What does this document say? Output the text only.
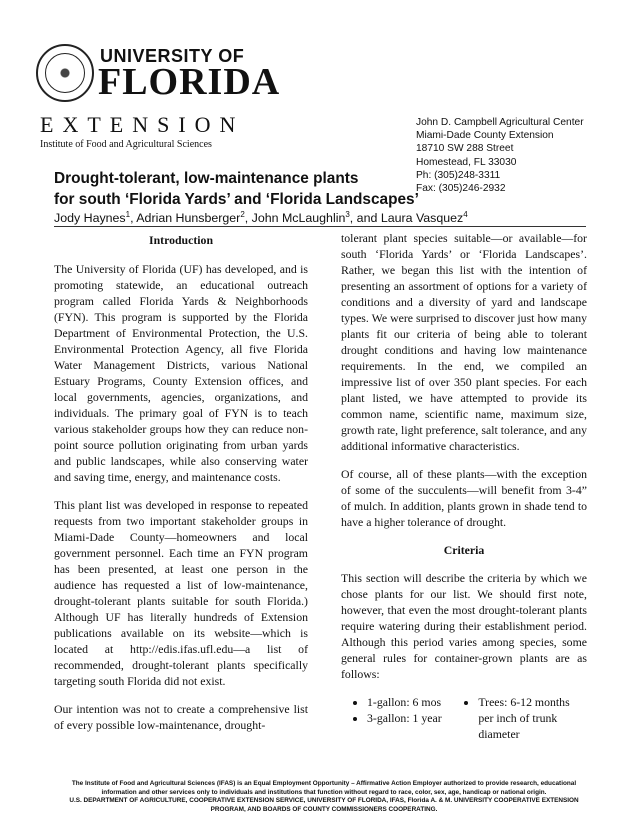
UNIVERSITY OF
FLORIDA
EXTENSION
Institute of Food and Agricultural Sciences
John D. Campbell Agricultural Center
Miami-Dade County Extension
18710 SW 288 Street
Homestead, FL 33030
Ph: (305)248-3311
Fax: (305)246-2932
Drought-tolerant, low-maintenance plants
for south ‘Florida Yards’ and ‘Florida Landscapes’
Jody Haynes$^1$, Adrian Hunsberger$^2$, John McLaughlin$^3$, and Laura Vasquez$^4$
Introduction

The University of Florida (UF) has developed, and is promoting statewide, an educational outreach program called Florida Yards & Neighborhoods (FYN). This program is supported by the Florida Department of Environmental Protection, the U.S. Environmental Protection Agency, all five Florida Water Management Districts, various National Estuary Programs, County Extension offices, and local governments, agencies, organizations, and individuals. The primary goal of FYN is to teach various stakeholder groups how they can reduce non-point source pollution originating from urban yards and public landscapes, while also conserving water and saving time, energy, and maintenance costs.

This plant list was developed in response to repeated requests from two important stakeholder groups in Miami-Dade County—homeowners and local government personnel. Each time an FYN program has been presented, at least one person in the audience has requested a list of low-maintenance, drought-tolerant plants suitable for south Florida.) Although UF has literally hundreds of Extension publications available on its website—which is located at http://edis.ifas.ufl.edu—a list of recommended, drought-tolerant plants specifically targeting south Florida did not exist.

Our intention was not to create a comprehensive list of every possible low-maintenance, drought-

tolerant plant species suitable—or available—for south ‘Florida Yards’ or ‘Florida Landscapes’. Rather, we began this list with the intention of presenting an assortment of options for a variety of conditions and a diversity of yard and landscape types. We were surprised to discover just how many plants fit our criteria of being able to tolerant drought conditions and having low maintenance requirements. In the end, we compiled an impressive list of over 350 plant species. For each plant listed, we have attempted to provide its common name, scientific name, maximum size, growth rate, light preference, salt tolerance, and any additional informative characteristics.

Of course, all of these plants—with the exception of some of the succulents—will benefit from 3-4” of mulch. In addition, plants grown in shade tend to have a higher tolerance of drought.

Criteria

This section will describe the criteria by which we chose plants for our list. We should first note, however, that even the most drought-tolerant plants require watering during their establishment period. Although this period varies among species, some general rules for container-grown plants are as follows:

• 1-gallon: 6 mos
• 3-gallon: 1 year
• Trees: 6-12 months per inch of trunk diameter
The Institute of Food and Agricultural Sciences (IFAS) is an Equal Employment Opportunity – Affirmative Action Employer authorized to provide research, educational information and other services only to individuals and institutions that function without regard to race, color, sex, age, handicap or national origin.
U.S. DEPARTMENT OF AGRICULTURE, COOPERATIVE EXTENSION SERVICE, UNIVERSITY OF FLORIDA, IFAS, Florida A. & M. UNIVERSITY COOPERATIVE EXTENSION PROGRAM, AND BOARDS OF COUNTY COMMISSIONERS COOPERATING.
